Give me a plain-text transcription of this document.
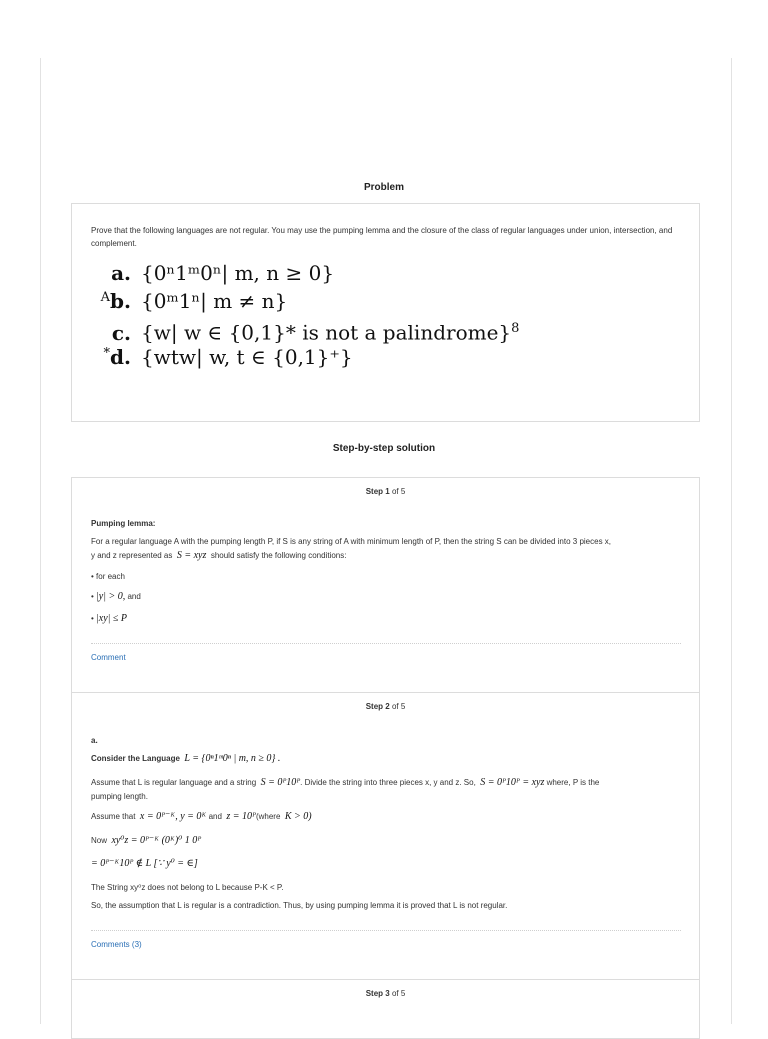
Problem
Prove that the following languages are not regular. You may use the pumping lemma and the closure of the class of regular languages under union, intersection, and complement.
a. {0ⁿ1ᵐ0ⁿ| m, n ≥ 0}
$^A$b. {0ᵐ1ⁿ| m ≠ n}
c. {w| w ∈ {0,1}* is not a palindrome}$^8$
*d. {wtw| w, t ∈ {0,1}⁺}
Step-by-step solution
Step 1 of 5
Pumping lemma:
For a regular language A with the pumping length P, if S is any string of A with minimum length of P, then the string S can be divided into 3 pieces x,
y and z represented as S = xyz should satisfy the following conditions:
• for each
• |y| > 0, and
• |xy| ≤ P
Comment
Step 2 of 5
a.
Consider the Language L = {0ⁿ1ᵐ0ⁿ | m, n ≥ 0} .
Assume that L is regular language and a string S = 0ᴾ10ᴾ. Divide the string into three pieces x, y and z. So, S = 0ᴾ10ᴾ = xyz where, P is the
pumping length.
Assume that x = 0ᴾ⁻ᴷ, y = 0ᴷ and z = 10ᴾ(where K > 0)
Now xy⁰z = 0ᴾ⁻ᴷ (0ᴷ)⁰ 1 0ᴾ
= 0ᴾ⁻ᴷ10ᴾ ∉ L [∵ y⁰ = ∈]
The String xy⁰z does not belong to L because P-K < P.
So, the assumption that L is regular is a contradiction. Thus, by using pumping lemma it is proved that L is not regular.
Comments (3)
Step 3 of 5
